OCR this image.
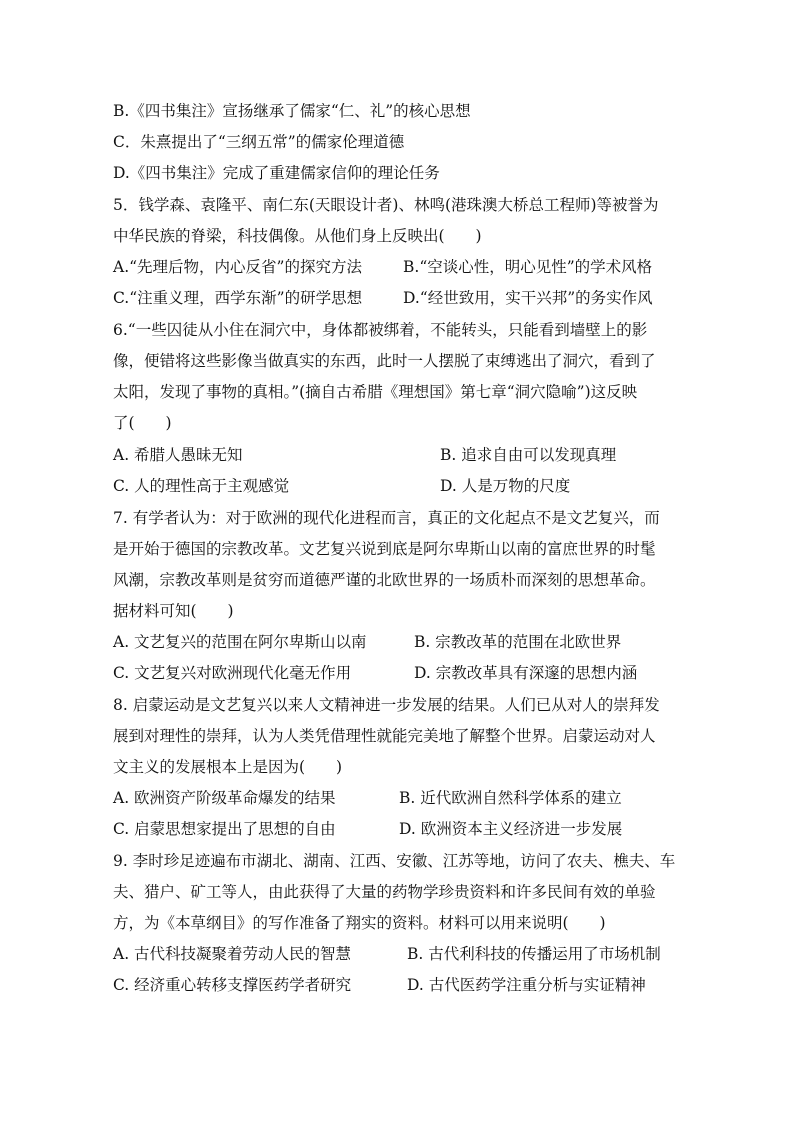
B.《四书集注》宣扬继承了儒家“仁、礼”的核心思想
C．朱熹提出了“三纲五常”的儒家伦理道德
D.《四书集注》完成了重建儒家信仰的理论任务
5．钱学森、袁隆平、南仁东(天眼设计者)、林鸣(港珠澳大桥总工程师)等被誉为
中华民族的脊梁，科技偶像。从他们身上反映出(　　)
A.“先理后物，内心反省”的探究方法	B.“空谈心性，明心见性”的学术风格
C.“注重义理，西学东渐”的研学思想	D.“经世致用，实干兴邦”的务实作风
6.“一些囚徒从小住在洞穴中，身体都被绑着，不能转头，只能看到墙壁上的影
像，便错将这些影像当做真实的东西，此时一人摆脱了束缚逃出了洞穴，看到了
太阳，发现了事物的真相。”(摘自古希腊《理想国》第七章“洞穴隐喻”)这反映
了(　　)
A. 希腊人愚昧无知	B. 追求自由可以发现真理
C. 人的理性高于主观感觉	D. 人是万物的尺度
7. 有学者认为：对于欧洲的现代化进程而言，真正的文化起点不是文艺复兴，而
是开始于德国的宗教改革。文艺复兴说到底是阿尔卑斯山以南的富庶世界的时髦
风潮，宗教改革则是贫穷而道德严谨的北欧世界的一场质朴而深刻的思想革命。
据材料可知(　　)
A. 文艺复兴的范围在阿尔卑斯山以南	B. 宗教改革的范围在北欧世界
C. 文艺复兴对欧洲现代化毫无作用	D. 宗教改革具有深邃的思想内涵
8. 启蒙运动是文艺复兴以来人文精神进一步发展的结果。人们已从对人的崇拜发
展到对理性的崇拜，认为人类凭借理性就能完美地了解整个世界。启蒙运动对人
文主义的发展根本上是因为(　　)
A. 欧洲资产阶级革命爆发的结果	B. 近代欧洲自然科学体系的建立
C. 启蒙思想家提出了思想的自由	D. 欧洲资本主义经济进一步发展
9. 李时珍足迹遍布市湖北、湖南、江西、安徽、江苏等地，访问了农夫、樵夫、车
夫、猎户、矿工等人，由此获得了大量的药物学珍贵资料和许多民间有效的单验
方，为《本草纲目》的写作准备了翔实的资料。材料可以用来说明(　　)
A. 古代科技凝聚着劳动人民的智慧	B. 古代利科技的传播运用了市场机制
C. 经济重心转移支撑医药学者研究	D. 古代医药学注重分析与实证精神
